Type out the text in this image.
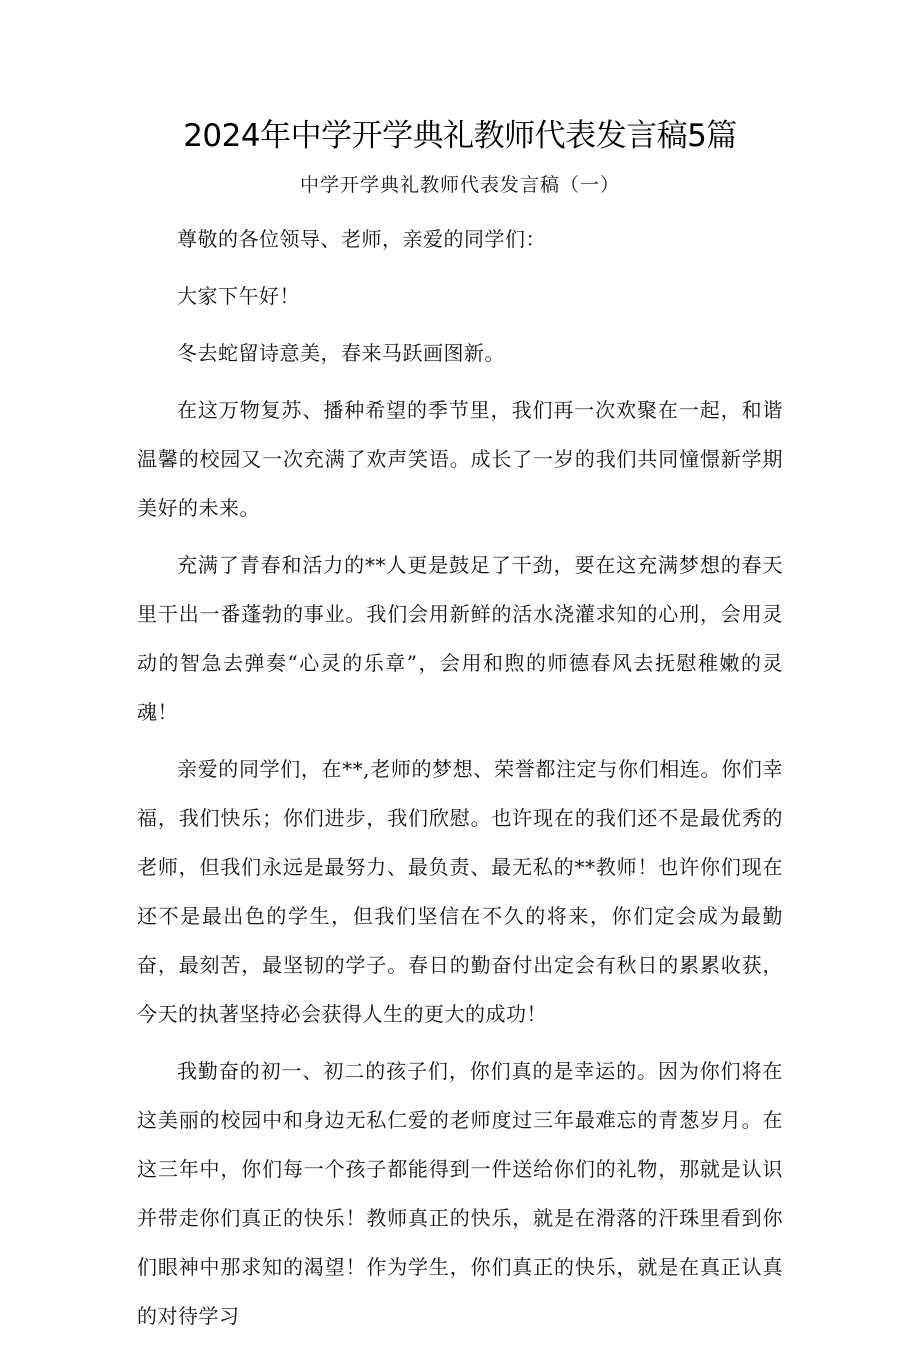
2024年中学开学典礼教师代表发言稿5篇
中学开学典礼教师代表发言稿（一）

尊敬的各位领导、老师，亲爱的同学们：

大家下午好！

冬去蛇留诗意美，春来马跃画图新。

在这万物复苏、播种希望的季节里，我们再一次欢聚在一起，和谐温馨的校园又一次充满了欢声笑语。成长了一岁的我们共同憧憬新学期美好的未来。

充满了青春和活力的**人更是鼓足了干劲，要在这充满梦想的春天里干出一番蓬勃的事业。我们会用新鲜的活水浇灌求知的心刑，会用灵动的智急去弹奏“心灵的乐章”，会用和煦的师德春风去抚慰稚嫩的灵魂！

亲爱的同学们，在**,老师的梦想、荣誉都注定与你们相连。你们幸福，我们快乐；你们进步，我们欣慰。也许现在的我们还不是最优秀的老师，但我们永远是最努力、最负责、最无私的**教师！也许你们现在还不是最出色的学生，但我们坚信在不久的将来，你们定会成为最勤奋，最刻苦，最坚韧的学子。春日的勤奋付出定会有秋日的累累收获，今天的执著坚持必会获得人生的更大的成功！

我勤奋的初一、初二的孩子们，你们真的是幸运的。因为你们将在这美丽的校园中和身边无私仁爱的老师度过三年最难忘的青葱岁月。在这三年中，你们每一个孩子都能得到一件送给你们的礼物，那就是认识并带走你们真正的快乐！教师真正的快乐，就是在滑落的汗珠里看到你们眼神中那求知的渴望！作为学生，你们真正的快乐，就是在真正认真的对待学习
